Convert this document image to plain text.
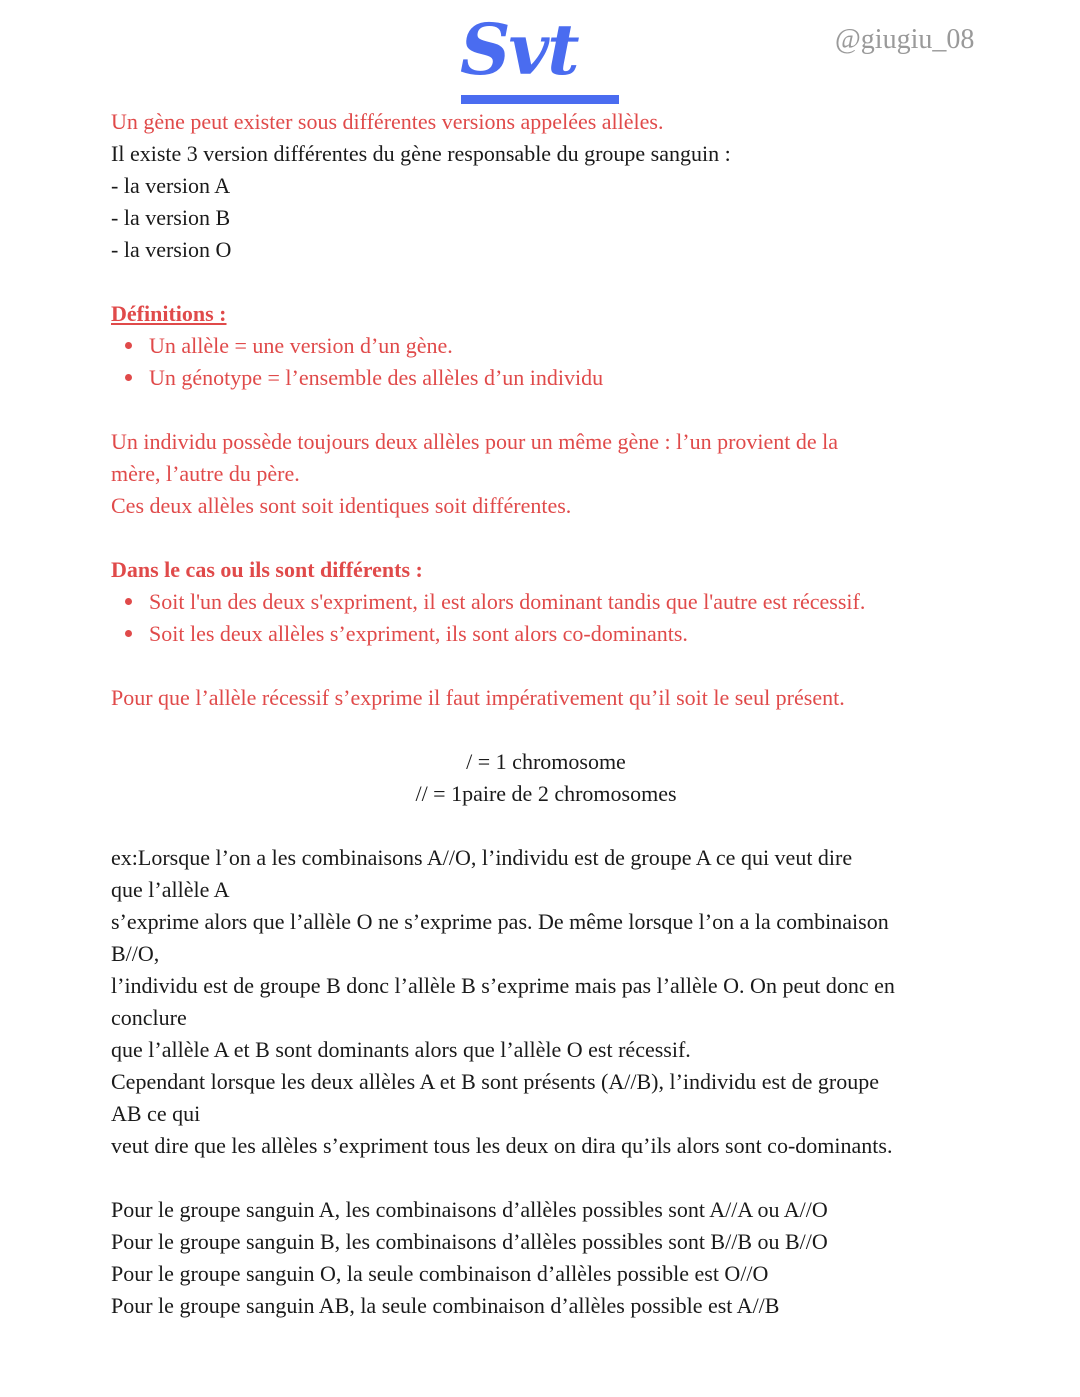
Svt	@giugiu_08
Un gène peut exister sous différentes versions appelées allèles.
Il existe 3 version différentes du gène responsable du groupe sanguin :
- la version A
- la version B
- la version O
Définitions :
Un allèle = une version d’un gène.
Un génotype = l’ensemble des allèles d’un individu
Un individu possède toujours deux allèles pour un même gène : l’un provient de la
mère, l’autre du père.
Ces deux allèles sont soit identiques soit différentes.
Dans le cas ou ils sont différents :
Soit l'un des deux s'expriment, il est alors dominant tandis que l'autre est récessif.
Soit les deux allèles s’expriment, ils sont alors co-dominants.
Pour que l’allèle récessif s’exprime il faut impérativement qu’il soit le seul présent.
/ = 1 chromosome
// = 1paire de 2 chromosomes
ex:Lorsque l’on a les combinaisons A//O, l’individu est de groupe A ce qui veut dire
que l’allèle A
s’exprime alors que l’allèle O ne s’exprime pas. De même lorsque l’on a la combinaison
B//O,
l’individu est de groupe B donc l’allèle B s’exprime mais pas l’allèle O. On peut donc en
conclure
que l’allèle A et B sont dominants alors que l’allèle O est récessif.
Cependant lorsque les deux allèles A et B sont présents (A//B), l’individu est de groupe
AB ce qui
veut dire que les allèles s’expriment tous les deux on dira qu’ils alors sont co-dominants.
Pour le groupe sanguin A, les combinaisons d’allèles possibles sont A//A ou A//O
Pour le groupe sanguin B, les combinaisons d’allèles possibles sont B//B ou B//O
Pour le groupe sanguin O, la seule combinaison d’allèles possible est O//O
Pour le groupe sanguin AB, la seule combinaison d’allèles possible est A//B
